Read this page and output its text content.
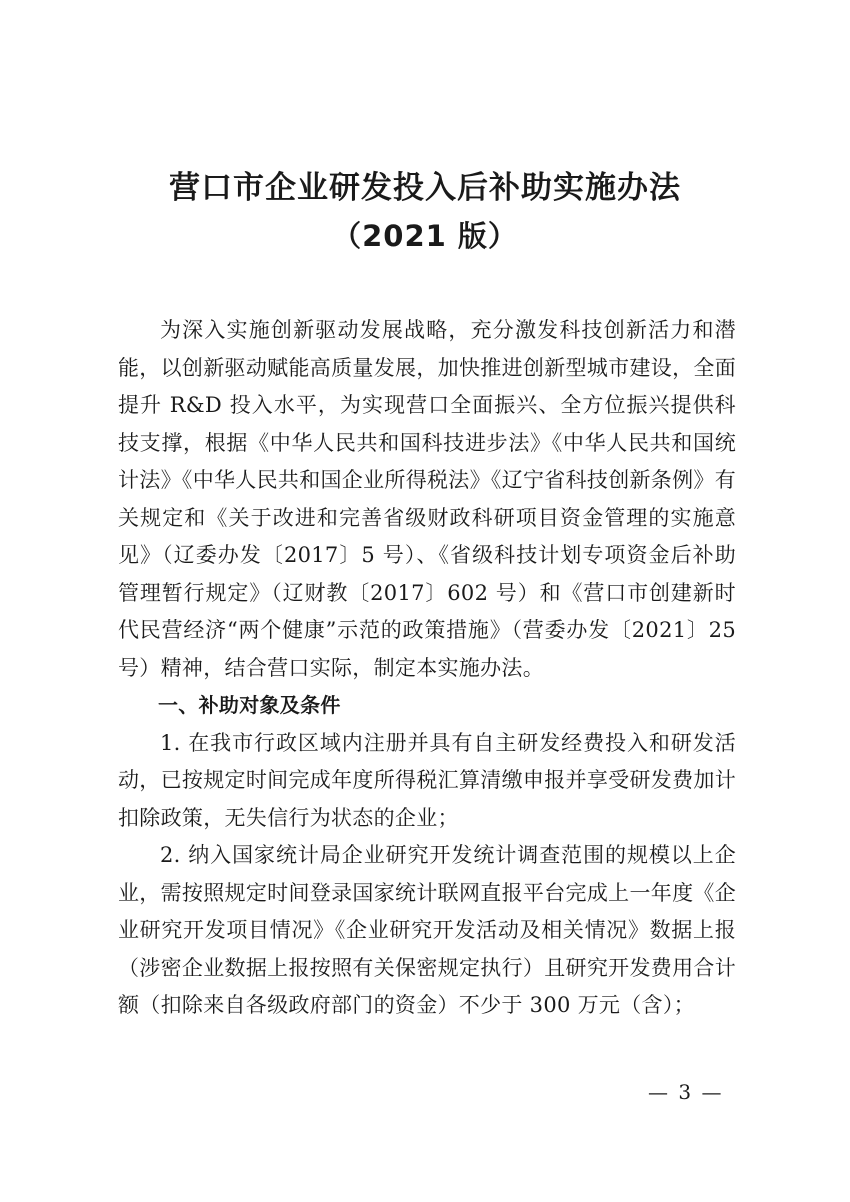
营口市企业研发投入后补助实施办法
（2021 版）

为深入实施创新驱动发展战略，充分激发科技创新活力和潜能，以创新驱动赋能高质量发展，加快推进创新型城市建设，全面提升 R&D 投入水平，为实现营口全面振兴、全方位振兴提供科技支撑，根据《中华人民共和国科技进步法》《中华人民共和国统计法》《中华人民共和国企业所得税法》《辽宁省科技创新条例》有关规定和《关于改进和完善省级财政科研项目资金管理的实施意见》（辽委办发〔2017〕5 号）、《省级科技计划专项资金后补助管理暂行规定》（辽财教〔2017〕602 号）和《营口市创建新时代民营经济“两个健康”示范的政策措施》（营委办发〔2021〕25 号）精神，结合营口实际，制定本实施办法。

一、补助对象及条件

1. 在我市行政区域内注册并具有自主研发经费投入和研发活动，已按规定时间完成年度所得税汇算清缴申报并享受研发费加计扣除政策，无失信行为状态的企业；

2. 纳入国家统计局企业研究开发统计调查范围的规模以上企业，需按照规定时间登录国家统计联网直报平台完成上一年度《企业研究开发项目情况》《企业研究开发活动及相关情况》数据上报（涉密企业数据上报按照有关保密规定执行）且研究开发费用合计额（扣除来自各级政府部门的资金）不少于 300 万元（含）；

— 3 —
